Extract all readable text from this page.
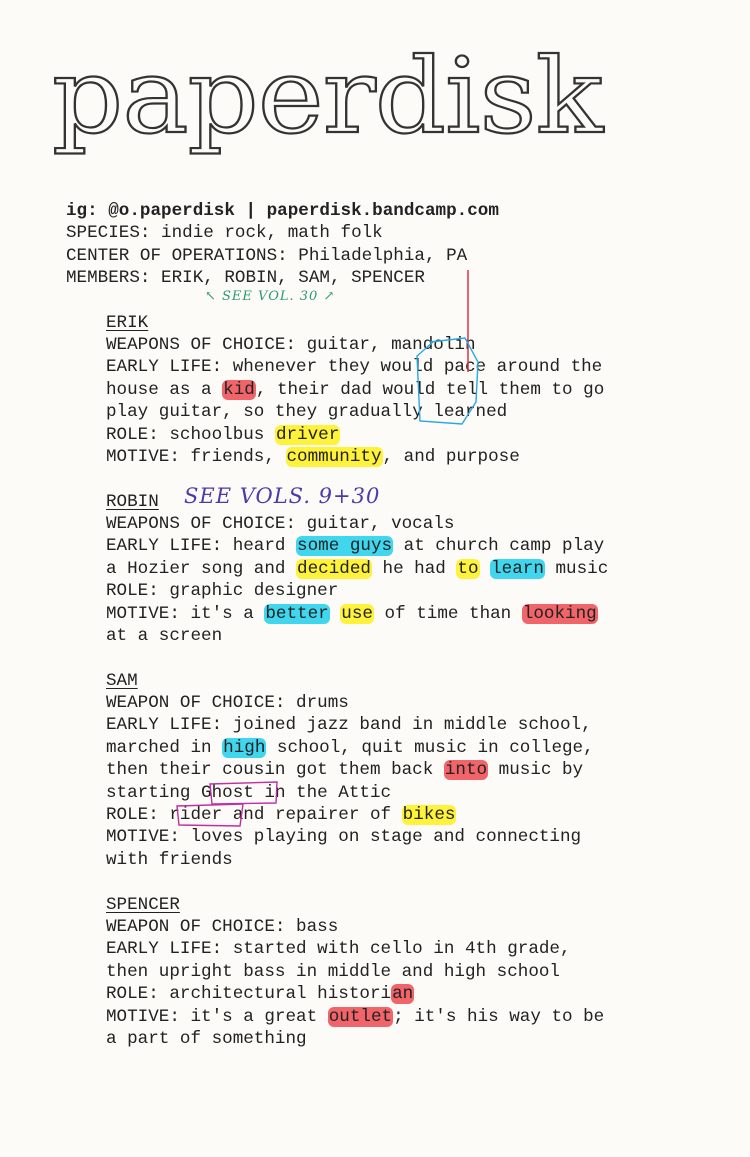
paperdisk
ig: @o.paperdisk | paperdisk.bandcamp.com
SPECIES: indie rock, math folk
CENTER OF OPERATIONS: Philadelphia, PA
MEMBERS: ERIK, ROBIN, SAM, SPENCER
↖ SEE VOL. 30 ↗
ERIK
WEAPONS OF CHOICE: guitar, mandolin
EARLY LIFE: whenever they would pace around the
house as a kid, their dad would tell them to go
play guitar, so they gradually learned
ROLE: schoolbus driver
MOTIVE: friends, community, and purpose
ROBIN SEE VOLS. 9+30
WEAPONS OF CHOICE: guitar, vocals
EARLY LIFE: heard some guys at church camp play
a Hozier song and decided he had to learn music
ROLE: graphic designer
MOTIVE: it's a better use of time than looking
at a screen
SAM
WEAPON OF CHOICE: drums
EARLY LIFE: joined jazz band in middle school,
marched in high school, quit music in college,
then their cousin got them back into music by
starting Ghost in the Attic
ROLE: rider and repairer of bikes
MOTIVE: loves playing on stage and connecting
with friends
SPENCER
WEAPON OF CHOICE: bass
EARLY LIFE: started with cello in 4th grade,
then upright bass in middle and high school
ROLE: architectural historian
MOTIVE: it's a great outlet; it's his way to be
a part of something
